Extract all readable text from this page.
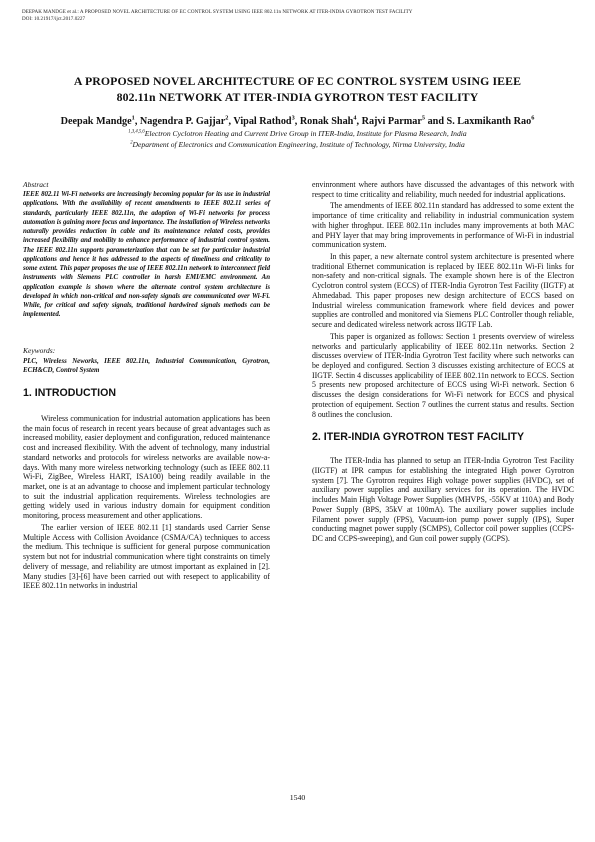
DEEPAK MANDGE et al.: A PROPOSED NOVEL ARCHITECTURE OF EC CONTROL SYSTEM USING IEEE 802.11n NETWORK AT ITER-INDIA GYROTRON TEST FACILITY
DOI: 10.21917/ijct.2017.0227
A PROPOSED NOVEL ARCHITECTURE OF EC CONTROL SYSTEM USING IEEE
802.11n NETWORK AT ITER-INDIA GYROTRON TEST FACILITY
Deepak Mandge$^1$, Nagendra P. Gajjar$^2$, Vipal Rathod$^3$, Ronak Shah$^4$, Rajvi Parmar$^5$ and S. Laxmikanth Rao$^6$
$^{1,3,4,5,6}$Electron Cyclotron Heating and Current Drive Group in ITER-India, Institute for Plasma Research, India
$^2$Department of Electronics and Communication Engineering, Institute of Technology, Nirma University, India

Abstract

IEEE 802.11 Wi-Fi networks are increasingly becoming popular for its use in industrial applications. With the availability of recent amendments to IEEE 802.11 series of standards, particularly IEEE 802.11n, the adoption of Wi-Fi networks for process automation is gaining more focus and importance. The installation of Wireless networks naturally provides reduction in cable and its maintenance related costs, provides increased flexibility and mobility to enhance performance of industrial control system. The IEEE 802.11n supports parameterization that can be set for particular industrial applications and hence it has addressed to the aspects of timeliness and criticality to some extent. This paper proposes the use of IEEE 802.11n network to interconnect field instruments with Siemens PLC controller in harsh EMI/EMC environment. An application example is shown where the alternate control system architecture is developed in which non-critical and non-safety signals are communicated over Wi-Fi. While, for critical and safety signals, traditional hardwired signals methods can be implemented.

Keywords:

PLC, Wireless Neworks, IEEE 802.11n, Industrial Communication, Gyrotron, ECH&CD, Control System

1. INTRODUCTION

Wireless communication for industrial automation applications has been the main focus of research in recent years because of great advantages such as increased mobility, easier deployment and configuration, reduced maintenance cost and increased flexibility. With the advent of technology, many industrial standard networks and protocols for wireless networks are available now-a-days. With many more wireless networking technology (such as IEEE 802.11 Wi-Fi, ZigBee, Wireless HART, ISA100) being readily available in the market, one is at an advantage to choose and implement particular technology to suit the industrial application requirements. Wireless technologies are getting widely used in various industry domain for equipment condition monitoring, process measurement and other applications.

The earlier version of IEEE 802.11 [1] standards used Carrier Sense Multiple Access with Collision Avoidance (CSMA/CA) techniques to access the medium. This technique is sufficient for general purpose communication system but not for industrial communication where tight constraints on timely delivery of message, and reliability are utmost important as explained in [2]. Many studies [3]-[6] have been carried out with resepect to applicability of IEEE 802.11n networks in industrial

envinronment where authors have discussed the advantages of this network with respect to time criticality and reliability, much needed for industrial applications.

The amendments of IEEE 802.11n standard has addressed to some extent the importance of time criticality and reliability in industrial communication system with higher throghput. IEEE 802.11n includes many improvements at both MAC and PHY layer that may bring improvements in performance of Wi-Fi in industrial communication system.

In this paper, a new alternate control system architecture is presented where traditional Ethernet communication is replaced by IEEE 802.11n Wi-Fi links for non-safety and non-critical signals. The example shown here is of the Electron Cyclotron control system (ECCS) of ITER-India Gyrotron Test Facility (IIGTF) at Ahmedabad. This paper proposes new design architecture of ECCS based on Industrial wireless communication framework where field devices and power supplies are controlled and monitored via Siemens PLC Controller though reliable, secure and dedicated wireless network across IIGTF Lab.

This paper is organized as follows: Section 1 presents overview of wireless networks and particularly applicability of IEEE 802.11n networks. Section 2 discusses overview of ITER-India Gyrotron Test facility where such networks can be deployed and configured. Section 3 discusses existing architecture of ECCS at IIGTF. Sectin 4 discusses applicability of IEEE 802.11n network to ECCS. Section 5 presents new proposed architecture of ECCS using Wi-Fi network. Section 6 discusses the design considerations for Wi-Fi network for ECCS and physical protection of equipement. Section 7 outlines the current status and results. Section 8 outlines the conclusion.

2. ITER-INDIA GYROTRON TEST FACILITY

The ITER-India has planned to setup an ITER-India Gyrotron Test Facility (IIGTF) at IPR campus for establishing the integrated High power Gyrotron system [7]. The Gyrotron requires High voltage power supplies (HVDC), set of auxiliary power supplies and auxiliary services for its operation. The HVDC includes Main High Voltage Power Supplies (MHVPS, -55KV at 110A) and Body Power Supply (BPS, 35kV at 100mA). The auxiliary power supplies include Filament power supply (FPS), Vacuum-ion pump power supply (IPS), Super conducting magnet power supply (SCMPS), Collector coil power supplies (CCPS-DC and CCPS-sweeping), and Gun coil power supply (GCPS).

1540
